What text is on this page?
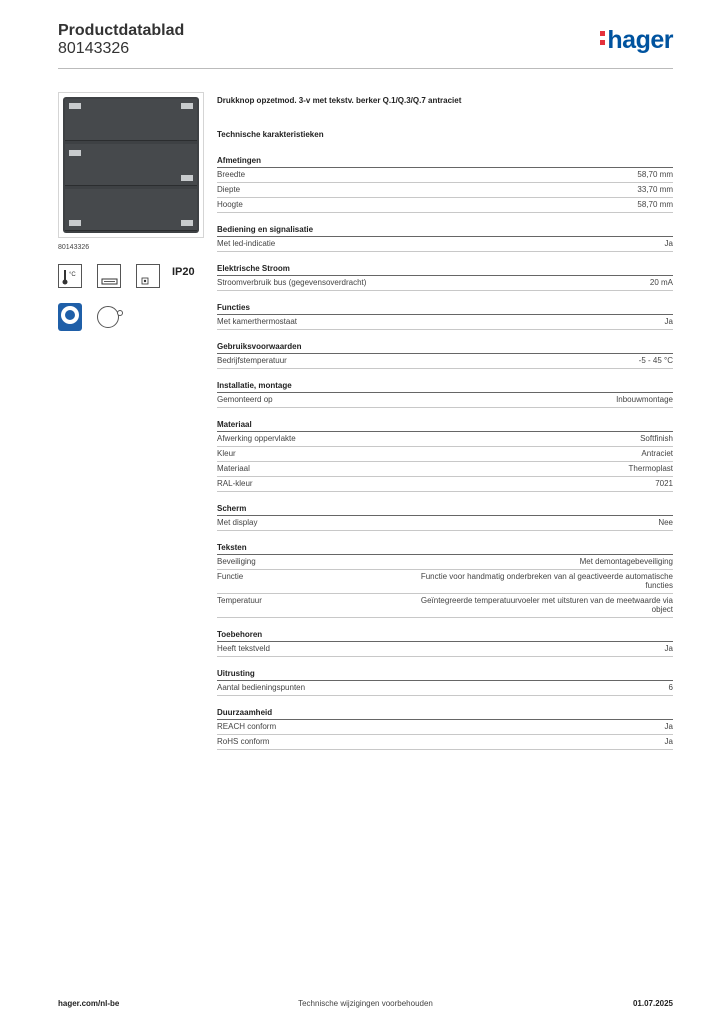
Productdatablad
80143326	hager
80143326
°C	IP20
Drukknop opzetmod. 3-v met tekstv. berker Q.1/Q.3/Q.7 antraciet
Technische karakteristieken
Afmetingen
Breedte	58,70 mm
Diepte	33,70 mm
Hoogte	58,70 mm
Bediening en signalisatie
Met led-indicatie	Ja
Elektrische Stroom
Stroomverbruik bus (gegevensoverdracht)	20 mA
Functies
Met kamerthermostaat	Ja
Gebruiksvoorwaarden
Bedrijfstemperatuur	-5 - 45 °C
Installatie, montage
Gemonteerd op	Inbouwmontage
Materiaal
Afwerking oppervlakte	Softfinish
Kleur	Antraciet
Materiaal	Thermoplast
RAL-kleur	7021
Scherm
Met display	Nee
Teksten
Beveiliging	Met demontagebeveiliging
Functie	Functie voor handmatig onderbreken van al geactiveerde automatische functies
Temperatuur	Geïntegreerde temperatuurvoeler met uitsturen van de meetwaarde via object
Toebehoren
Heeft tekstveld	Ja
Uitrusting
Aantal bedieningspunten	6
Duurzaamheid
REACH conform	Ja
RoHS conform	Ja
hager.com/nl-be	Technische wijzigingen voorbehouden	01.07.2025
